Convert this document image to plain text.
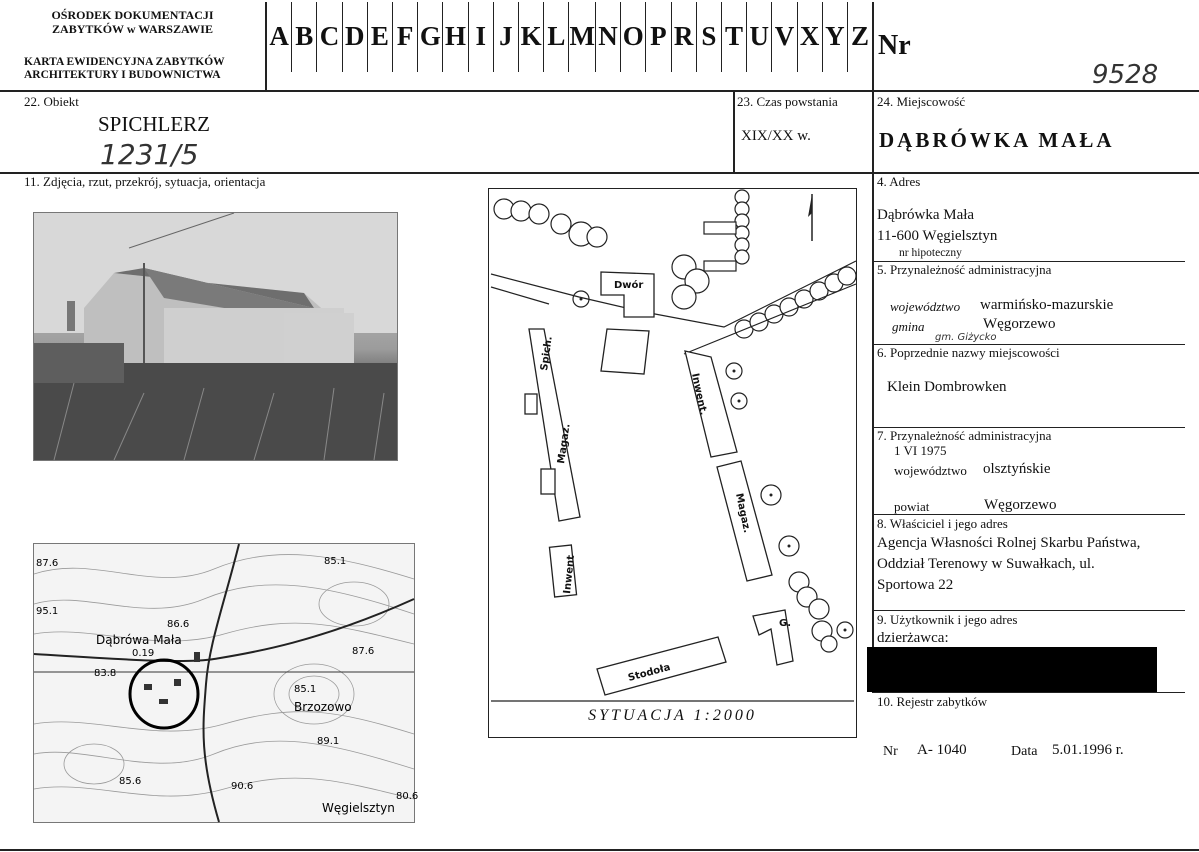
OŚRODEK DOKUMENTACJI
ZABYTKÓW w WARSZAWIE
KARTA EWIDENCYJNA ZABYTKÓW
ARCHITEKTURY I BUDOWNICTWA
A B C D E F G H I J K L M N O P R S T U V X Y Z Nr
9528
22. Obiekt
SPICHLERZ
1231/5
23. Czas powstania
XIX/XX w.
24. Miejscowość
DĄBRÓWKA MAŁA
11. Zdjęcia, rzut, przekrój, sytuacja, orientacja
Dąbrówa Mała
Brzozowo
Węgielsztyn
87.6	85.1
95.1
86.6
0.19	87.6
83.8
85.1
89.1
85.6	90.6
80.6
Dwór
Spich.
Magaz.
Inwent.
Magaz.
Inwent
G.
Stodoła
SYTUACJA 1:2000
4. Adres
Dąbrówka Mała
11-600 Węgielsztyn
nr hipoteczny
5. Przynależność administracyjna
województwo warmińsko-mazurskie
gmina	Węgorzewo
gm. Giżycko
6. Poprzednie nazwy miejscowości
Klein Dombrowken
7. Przynależność administracyjna
1 VI 1975
województwo olsztyńskie
powiat	Węgorzewo
8. Właściciel i jego adres
Agencja Własności Rolnej Skarbu Państwa,
Oddział Terenowy w Suwałkach, ul.
Sportowa 22
9. Użytkownik i jego adres
dzierżawca:
10. Rejestr zabytków
Nr A- 1040	Data 5.01.1996 r.
